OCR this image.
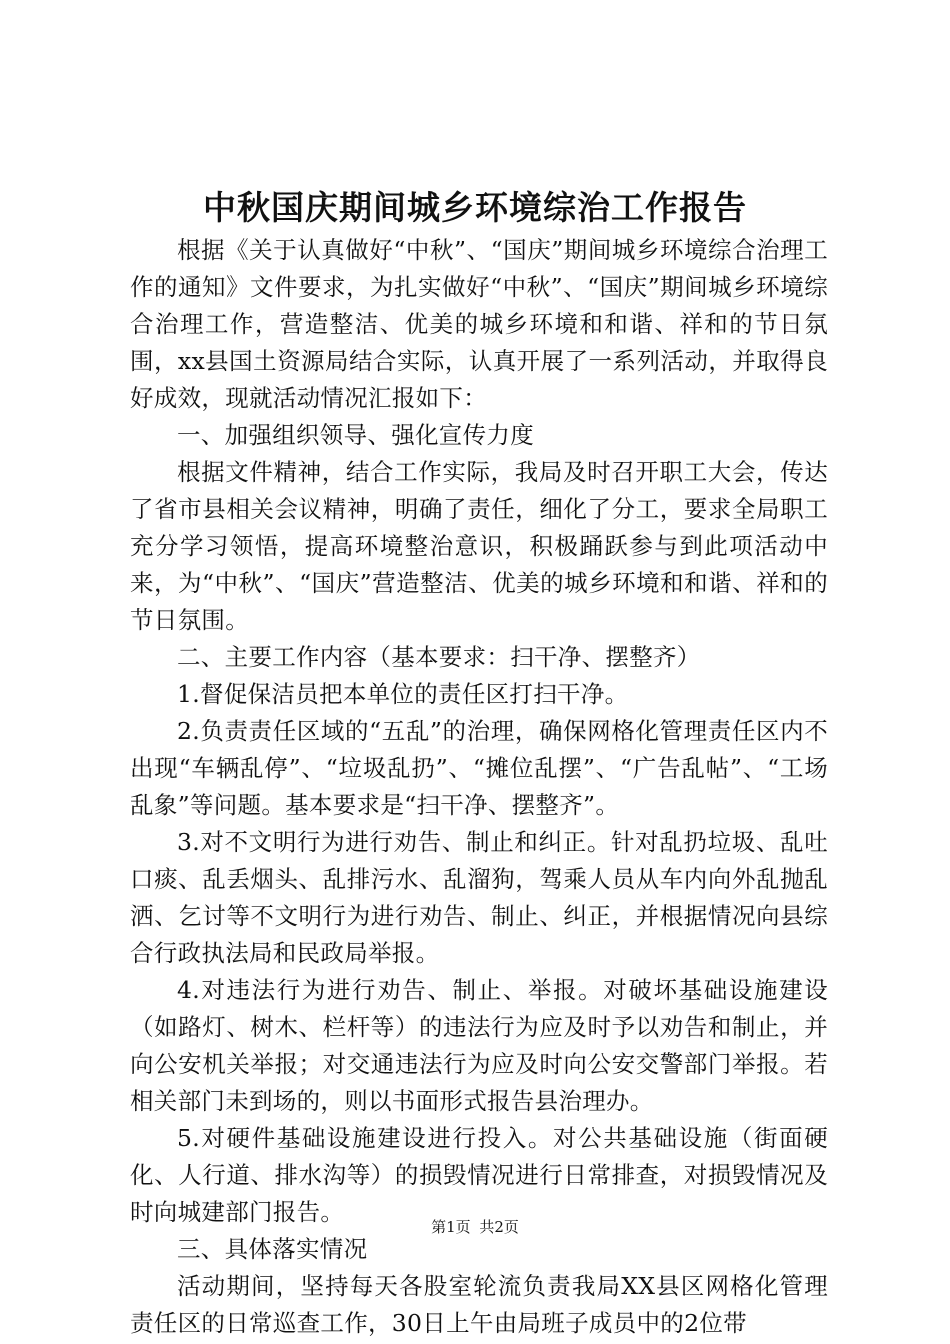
中秋国庆期间城乡环境综治工作报告

根据《关于认真做好“中秋”、“国庆”期间城乡环境综合治理工作的通知》文件要求，为扎实做好“中秋”、“国庆”期间城乡环境综合治理工作，营造整洁、优美的城乡环境和和谐、祥和的节日氛围，xx县国土资源局结合实际，认真开展了一系列活动，并取得良好成效，现就活动情况汇报如下：

一、加强组织领导、强化宣传力度

根据文件精神，结合工作实际，我局及时召开职工大会，传达了省市县相关会议精神，明确了责任，细化了分工，要求全局职工充分学习领悟，提高环境整治意识，积极踊跃参与到此项活动中来，为“中秋”、“国庆”营造整洁、优美的城乡环境和和谐、祥和的节日氛围。

二、主要工作内容（基本要求：扫干净、摆整齐）

1.督促保洁员把本单位的责任区打扫干净。

2.负责责任区域的“五乱”的治理，确保网格化管理责任区内不出现“车辆乱停”、“垃圾乱扔”、“摊位乱摆”、“广告乱帖”、“工场乱象”等问题。基本要求是“扫干净、摆整齐”。

3.对不文明行为进行劝告、制止和纠正。针对乱扔垃圾、乱吐口痰、乱丢烟头、乱排污水、乱溜狗，驾乘人员从车内向外乱抛乱洒、乞讨等不文明行为进行劝告、制止、纠正，并根据情况向县综合行政执法局和民政局举报。

4.对违法行为进行劝告、制止、举报。对破坏基础设施建设（如路灯、树木、栏杆等）的违法行为应及时予以劝告和制止，并向公安机关举报；对交通违法行为应及时向公安交警部门举报。若相关部门未到场的，则以书面形式报告县治理办。

5.对硬件基础设施建设进行投入。对公共基础设施（街面硬化、人行道、排水沟等）的损毁情况进行日常排查，对损毁情况及时向城建部门报告。

三、具体落实情况

活动期间，坚持每天各股室轮流负责我局XX县区网格化管理责任区的日常巡查工作，30日上午由局班子成员中的2位带

第1页 共2页
